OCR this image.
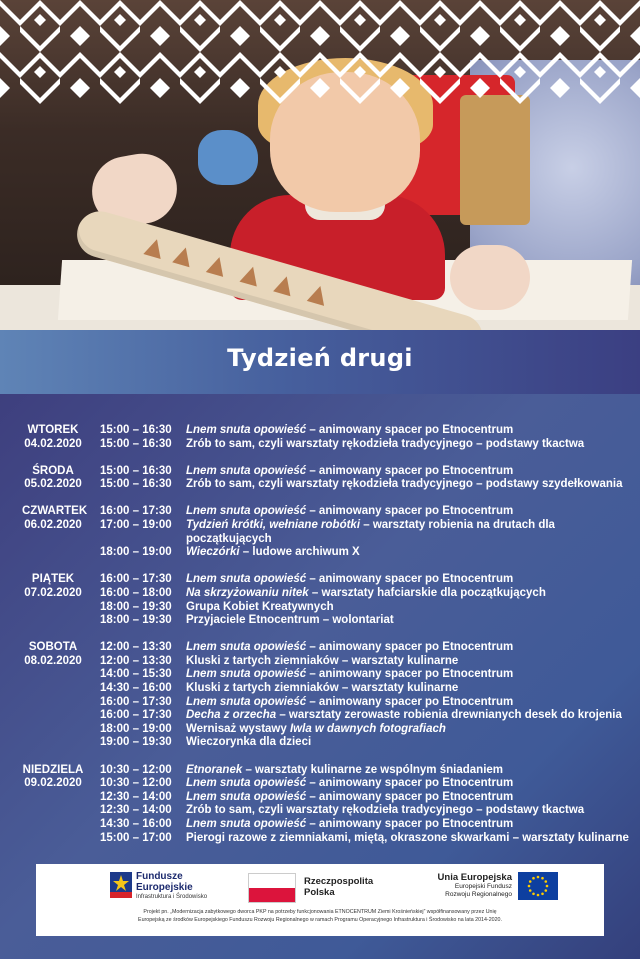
Tydzień drugi
WTOREK	15:00 – 16:30 Lnem snuta opowieść – animowany spacer po Etnocentrum
04.02.2020 15:00 – 16:30 Zrób to sam, czyli warsztaty rękodzieła tradycyjnego – podstawy tkactwa
ŚRODA	15:00 – 16:30 Lnem snuta opowieść – animowany spacer po Etnocentrum
05.02.2020 15:00 – 16:30 Zrób to sam, czyli warsztaty rękodzieła tradycyjnego – podstawy szydełkowania
CZWARTEK 16:00 – 17:30 Lnem snuta opowieść – animowany spacer po Etnocentrum
06.02.2020 17:00 – 19:00 Tydzień krótki, wełniane robótki – warsztaty robienia na drutach dla
początkujących
18:00 – 19:00 Wieczórki – ludowe archiwum X
PIĄTEK	16:00 – 17:30 Lnem snuta opowieść – animowany spacer po Etnocentrum
07.02.2020 16:00 – 18:00 Na skrzyżowaniu nitek – warsztaty hafciarskie dla początkujących
18:00 – 19:30 Grupa Kobiet Kreatywnych
18:00 – 19:30 Przyjaciele Etnocentrum – wolontariat
SOBOTA	12:00 – 13:30 Lnem snuta opowieść – animowany spacer po Etnocentrum
08.02.2020 12:00 – 13:30 Kluski z tartych ziemniaków – warsztaty kulinarne
14:00 – 15:30 Lnem snuta opowieść – animowany spacer po Etnocentrum
14:30 – 16:00 Kluski z tartych ziemniaków – warsztaty kulinarne
16:00 – 17:30 Lnem snuta opowieść – animowany spacer po Etnocentrum
16:00 – 17:30 Decha z orzecha – warsztaty zerowaste robienia drewnianych desek do krojenia
18:00 – 19:00 Wernisaż wystawy Iwla w dawnych fotografiach
19:00 – 19:30 Wieczorynka dla dzieci
NIEDZIELA 10:30 – 12:00 Etnoranek – warsztaty kulinarne ze wspólnym śniadaniem
09.02.2020 10:30 – 12:00 Lnem snuta opowieść – animowany spacer po Etnocentrum
12:30 – 14:00 Lnem snuta opowieść – animowany spacer po Etnocentrum
12:30 – 14:00 Zrób to sam, czyli warsztaty rękodzieła tradycyjnego – podstawy tkactwa
14:30 – 16:00 Lnem snuta opowieść – animowany spacer po Etnocentrum
15:00 – 17:00 Pierogi razowe z ziemniakami, miętą, okraszone skwarkami – warsztaty kulinarne
Fundusze
Europejskie
Infrastruktura i Środowisko
Rzeczpospolita
Polska
Unia Europejska
Europejski Fundusz
Rozwoju Regionalnego
Projekt pn. „Modernizacja zabytkowego dworca PKP na potrzeby funkcjonowania ETNOCENTRUM Ziemi Krośnieńskiej” współfinansowany przez Unię
Europejską ze środków Europejskiego Funduszu Rozwoju Regionalnego w ramach Programu Operacyjnego Infrastruktura i Środowisko na lata 2014-2020.
